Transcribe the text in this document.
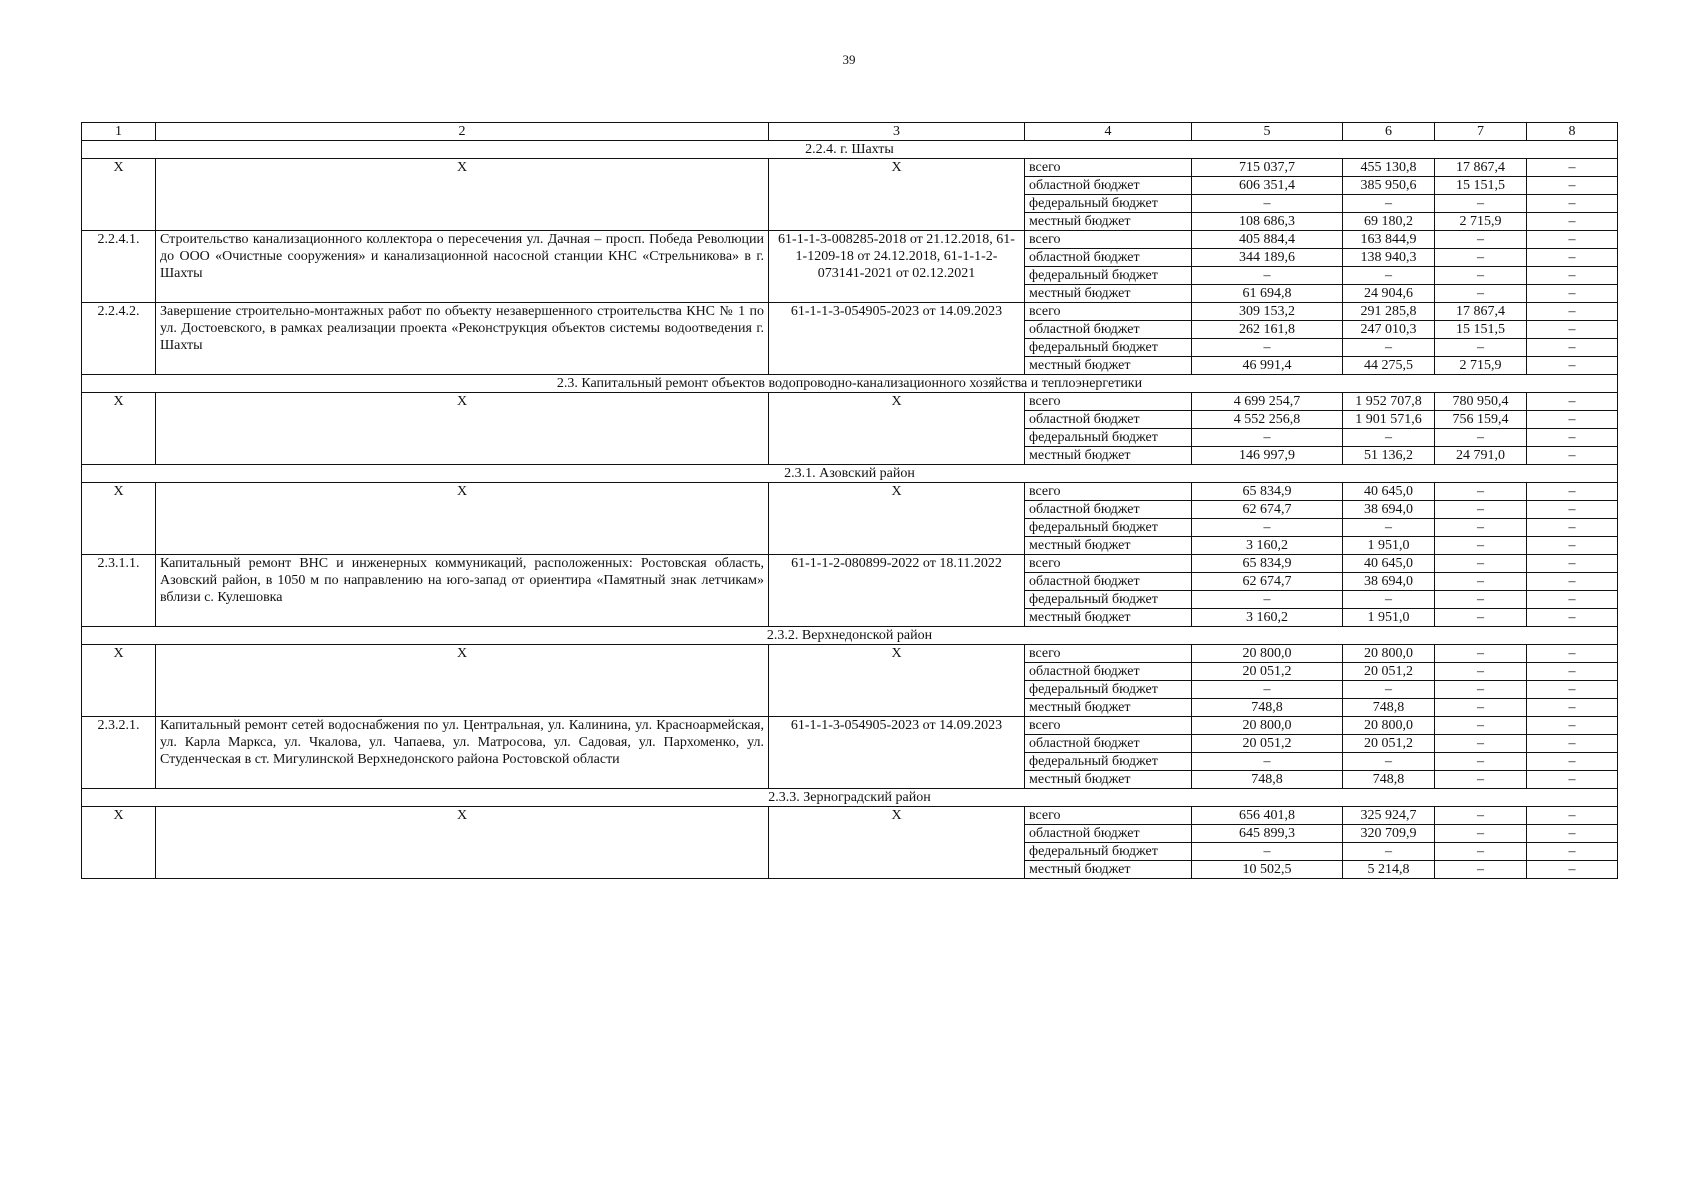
39
1	2	3	4	5	6	7	8
2.2.4. г. Шахты							
Х	Х	Х	всего	715 037,7	455 130,8	17 867,4	–
			областной бюджет	606 351,4	385 950,6	15 151,5	–
			федеральный бюджет	–	–	–	–
			местный бюджет	108 686,3	69 180,2	2 715,9	–
2.2.4.1.	Строительство канализационного коллектора о пересечения ул. Дачная – просп. Победа Революции до ООО «Очистные сооружения» и канализационной насосной станции КНС «Стрельникова» в г. Шахты	61-1-1-3-008285-2018 от 21.12.2018, 61-1-1209-18 от 24.12.2018, 61-1-1-2-073141-2021 от 02.12.2021	всего	405 884,4	163 844,9	–	–
			областной бюджет	344 189,6	138 940,3	–	–
			федеральный бюджет	–	–	–	–
			местный бюджет	61 694,8	24 904,6	–	–
2.2.4.2.	Завершение строительно-монтажных работ по объекту незавершенного строительства КНС № 1 по ул. Достоевского, в рамках реализации проекта «Реконструкция объектов системы водоотведения г. Шахты	61-1-1-3-054905-2023 от 14.09.2023	всего	309 153,2	291 285,8	17 867,4	–
			областной бюджет	262 161,8	247 010,3	15 151,5	–
			федеральный бюджет	–	–	–	–
			местный бюджет	46 991,4	44 275,5	2 715,9	–
2.3. Капитальный ремонт объектов водопроводно-канализационного хозяйства и теплоэнергетики							
Х	Х	Х	всего	4 699 254,7	1 952 707,8	780 950,4	–
			областной бюджет	4 552 256,8	1 901 571,6	756 159,4	–
			федеральный бюджет	–	–	–	–
			местный бюджет	146 997,9	51 136,2	24 791,0	–
2.3.1. Азовский район							
Х	Х	Х	всего	65 834,9	40 645,0	–	–
			областной бюджет	62 674,7	38 694,0	–	–
			федеральный бюджет	–	–	–	–
			местный бюджет	3 160,2	1 951,0	–	–
2.3.1.1.	Капитальный ремонт ВНС и инженерных коммуникаций, расположенных: Ростовская область, Азовский район, в 1050 м по направлению на юго-запад от ориентира «Памятный знак летчикам» вблизи с. Кулешовка	61-1-1-2-080899-2022 от 18.11.2022	всего	65 834,9	40 645,0	–	–
			областной бюджет	62 674,7	38 694,0	–	–
			федеральный бюджет	–	–	–	–
			местный бюджет	3 160,2	1 951,0	–	–
2.3.2. Верхнедонской район							
Х	Х	Х	всего	20 800,0	20 800,0	–	–
			областной бюджет	20 051,2	20 051,2	–	–
			федеральный бюджет	–	–	–	–
			местный бюджет	748,8	748,8	–	–
2.3.2.1.	Капитальный ремонт сетей водоснабжения по ул. Центральная, ул. Калинина, ул. Красноармейская, ул. Карла Маркса, ул. Чкалова, ул. Чапаева, ул. Матросова, ул. Садовая, ул. Пархоменко, ул. Студенческая в ст. Мигулинской Верхнедонского района Ростовской области	61-1-1-3-054905-2023 от 14.09.2023	всего	20 800,0	20 800,0	–	–
			областной бюджет	20 051,2	20 051,2	–	–
			федеральный бюджет	–	–	–	–
			местный бюджет	748,8	748,8	–	–
2.3.3. Зерноградский район							
Х	Х	Х	всего	656 401,8	325 924,7	–	–
			областной бюджет	645 899,3	320 709,9	–	–
			федеральный бюджет	–	–	–	–
			местный бюджет	10 502,5	5 214,8	–	–
